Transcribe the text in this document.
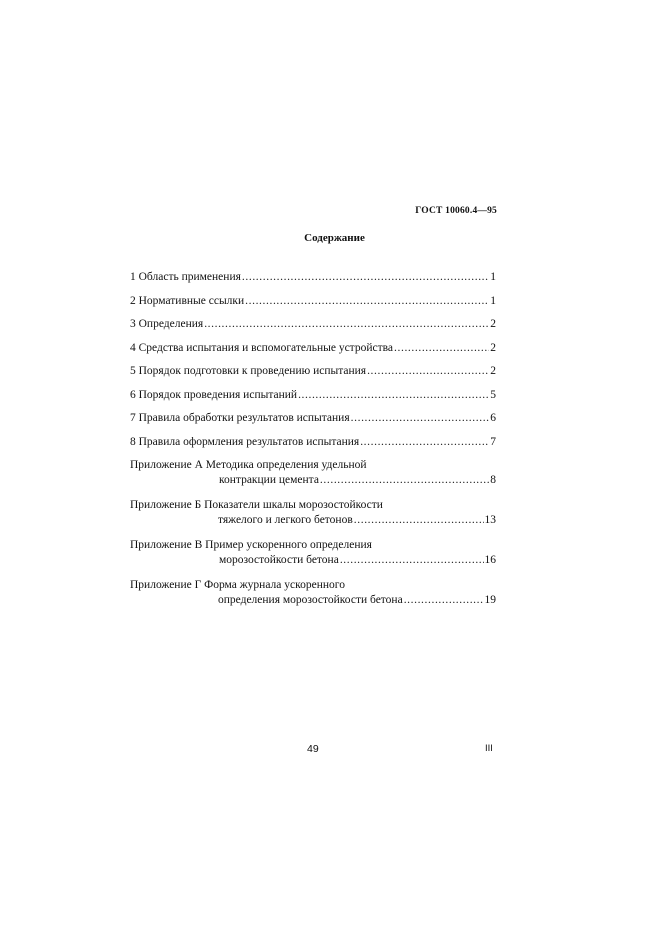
ГОСТ 10060.4—95
Содержание
1 Область применения .....	1
2 Нормативные ссылки .....	1
3 Определения .....	2
4 Средства испытания и вспомогательные устройства .....	2
5 Порядок подготовки к проведению испытания .....	2
6 Порядок проведения испытаний .....	5
7 Правила обработки результатов испытания .....	6
8 Правила оформления результатов испытания .....	7
Приложение А Методика определения удельной
контракции цемента .....	8
Приложение Б Показатели шкалы морозостойкости
тяжелого и легкого бетонов .....	13
Приложение В Пример ускоренного определения
морозостойкости бетона .....	16
Приложение Г Форма журнала ускоренного
определения морозостойкости бетона .....	19
49	III
